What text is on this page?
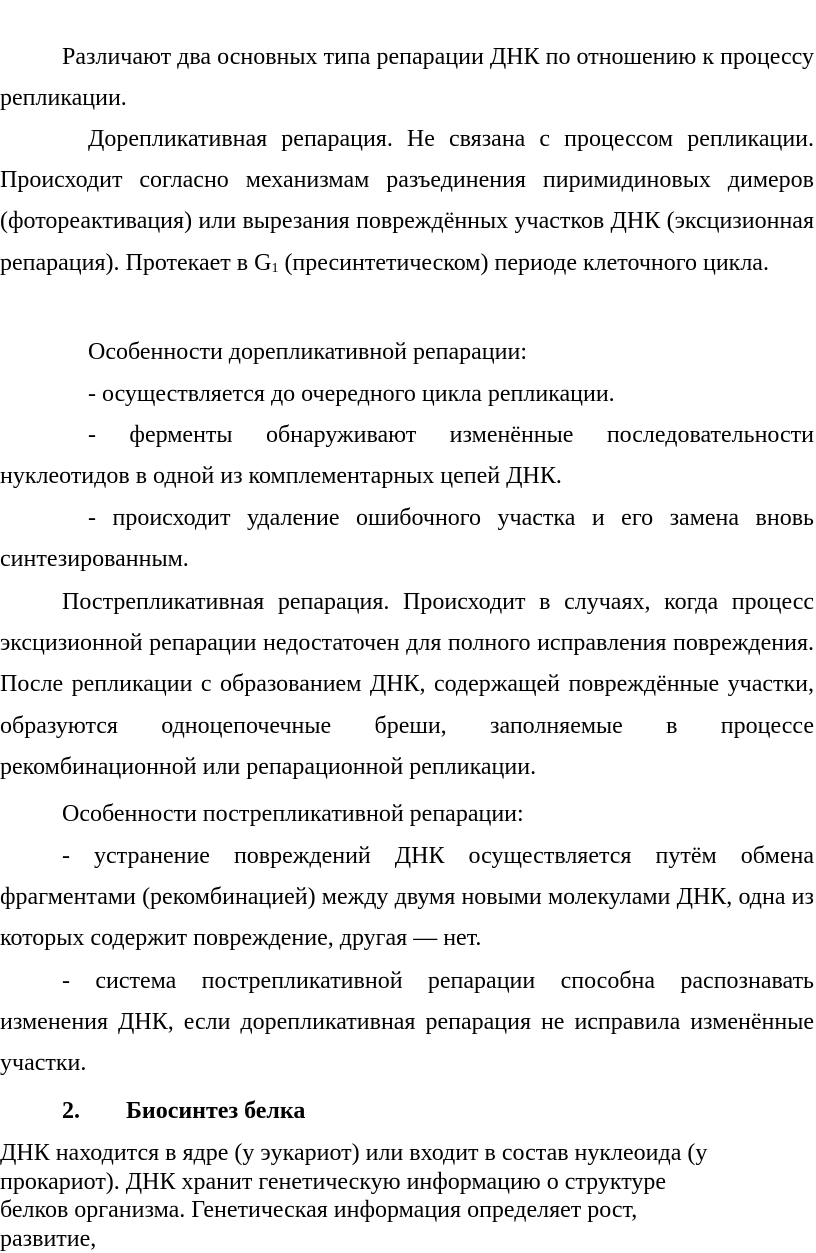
Различают два основных типа репарации ДНК по отношению к процессу репликации.

Дорепликативная репарация. Не связана с процессом репликации. Происходит согласно механизмам разъединения пиримидиновых димеров (фотореактивация) или вырезания повреждённых участков ДНК (эксцизионная репарация). Протекает в $G_1$ (пресинтетическом) периоде клеточного цикла.

Особенности дорепликативной репарации:

- осуществляется до очередного цикла репликации.

- ферменты обнаруживают изменённые последовательности нуклеотидов в одной из комплементарных цепей ДНК.

- происходит удаление ошибочного участка и его замена вновь синтезированным.

Пострепликативная репарация. Происходит в случаях, когда процесс эксцизионной репарации недостаточен для полного исправления повреждения. После репликации с образованием ДНК, содержащей повреждённые участки, образуются одноцепочечные бреши, заполняемые в процессе рекомбинационной или репарационной репликации.

Особенности пострепликативной репарации:

- устранение повреждений ДНК осуществляется путём обмена фрагментами (рекомбинацией) между двумя новыми молекулами ДНК, одна из которых содержит повреждение, другая — нет.

- система пострепликативной репарации способна распознавать изменения ДНК, если дорепликативная репарация не исправила изменённые участки.

2. Биосинтез белка

ДНК находится в ядре (у эукариот) или входит в состав нуклеоида (у прокариот). ДНК хранит генетическую информацию о структуре белков организма. Генетическая информация определяет рост, развитие,
